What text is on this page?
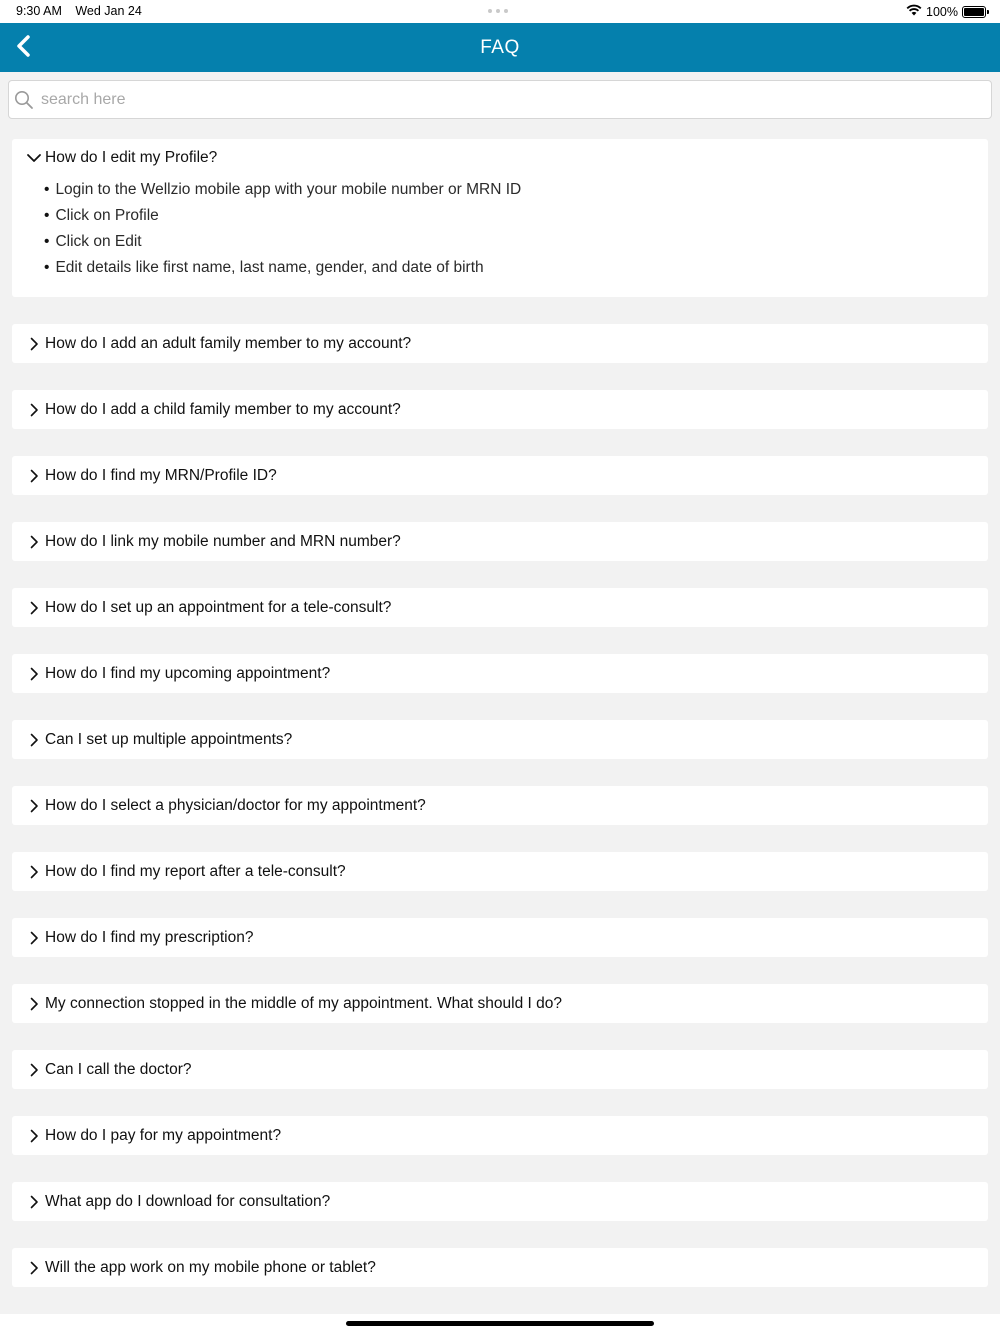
9:30 AM Wed Jan 24	100%
FAQ
search here
How do I edit my Profile?
• Login to the Wellzio mobile app with your mobile number or MRN ID
• Click on Profile
• Click on Edit
• Edit details like first name, last name, gender, and date of birth
How do I add an adult family member to my account?
How do I add a child family member to my account?
How do I find my MRN/Profile ID?
How do I link my mobile number and MRN number?
How do I set up an appointment for a tele-consult?
How do I find my upcoming appointment?
Can I set up multiple appointments?
How do I select a physician/doctor for my appointment?
How do I find my report after a tele-consult?
How do I find my prescription?
My connection stopped in the middle of my appointment. What should I do?
Can I call the doctor?
How do I pay for my appointment?
What app do I download for consultation?
Will the app work on my mobile phone or tablet?
